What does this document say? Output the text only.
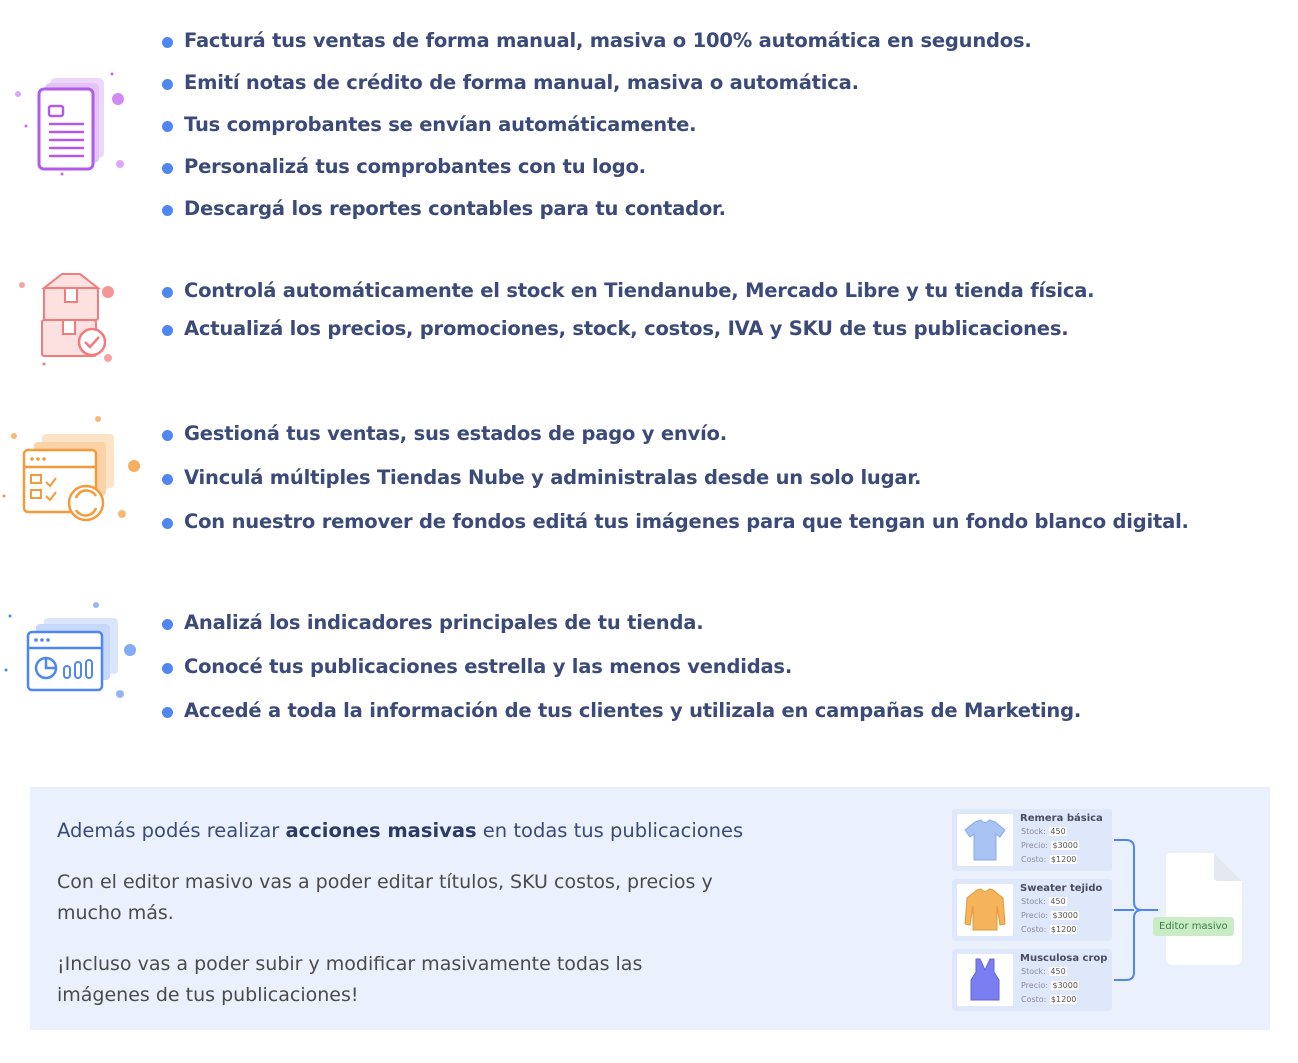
Facturá tus ventas de forma manual, masiva o 100% automática en segundos.
Emití notas de crédito de forma manual, masiva o automática.
Tus comprobantes se envían automáticamente.
Personalizá tus comprobantes con tu logo.
Descargá los reportes contables para tu contador.
Controlá automáticamente el stock en Tiendanube, Mercado Libre y tu tienda física.
Actualizá los precios, promociones, stock, costos, IVA y SKU de tus publicaciones.
Gestioná tus ventas, sus estados de pago y envío.
Vinculá múltiples Tiendas Nube y administralas desde un solo lugar.
Con nuestro remover de fondos editá tus imágenes para que tengan un fondo blanco digital.
Analizá los indicadores principales de tu tienda.
Conocé tus publicaciones estrella y las menos vendidas.
Accedé a toda la información de tus clientes y utilizala en campañas de Marketing.
Además podés realizar acciones masivas en todas tus publicaciones

Con el editor masivo vas a poder editar títulos, SKU costos, precios y mucho más.

¡Incluso vas a poder subir y modificar masivamente todas las imágenes de tus publicaciones!

Remera básica
Stock: 450
Precio: $3000
Costo: $1200
Sweater tejido
Stock: 450
Precio: $3000
Costo: $1200
Musculosa crop
Stock: 450
Precio: $3000
Costo: $1200
Editor masivo
